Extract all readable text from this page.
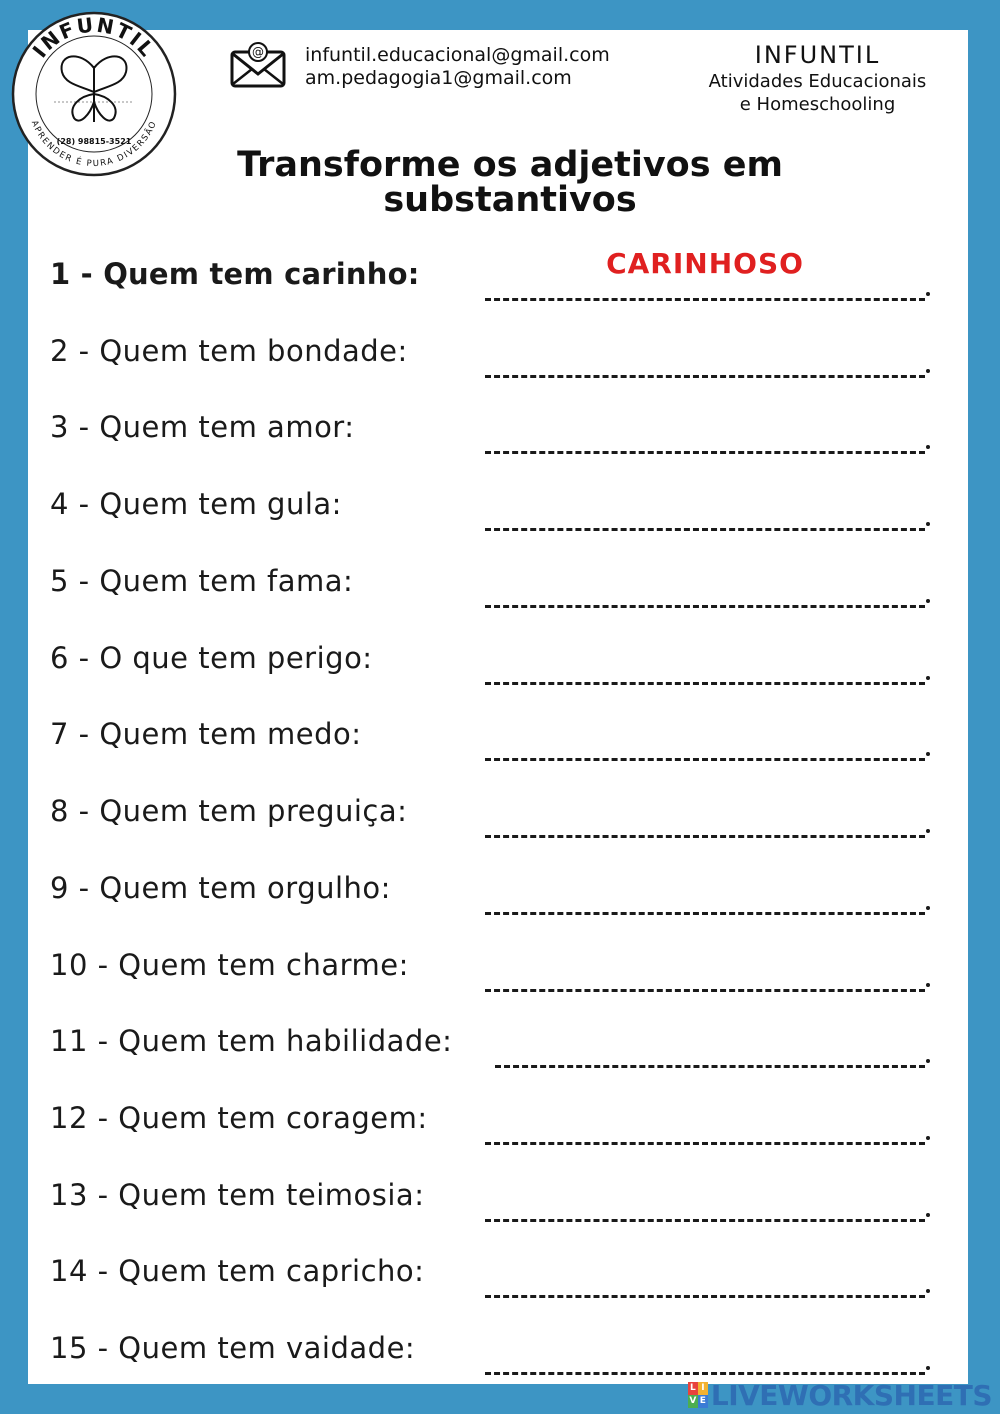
INFUNTIL
APRENDER É PURA DIVERSÃO
(28) 98815-3521
@ infuntil.educacional@gmail.com
am.pedagogia1@gmail.com
INFUNTIL
Atividades Educacionais
e Homeschooling
Transforme os adjetivos em
substantivos
1 - Quem tem carinho:	CARINHOSO
2 - Quem tem bondade:
3 - Quem tem amor:
4 - Quem tem gula:
5 - Quem tem fama:
6 - O que tem perigo:
7 - Quem tem medo:
8 - Quem tem preguiça:
9 - Quem tem orgulho:
10 - Quem tem charme:
11 - Quem tem habilidade:
12 - Quem tem coragem:
13 - Quem tem teimosia:
14 - Quem tem capricho:
15 - Quem tem vaidade:
L I
V E LIVEWORKSHEETS
